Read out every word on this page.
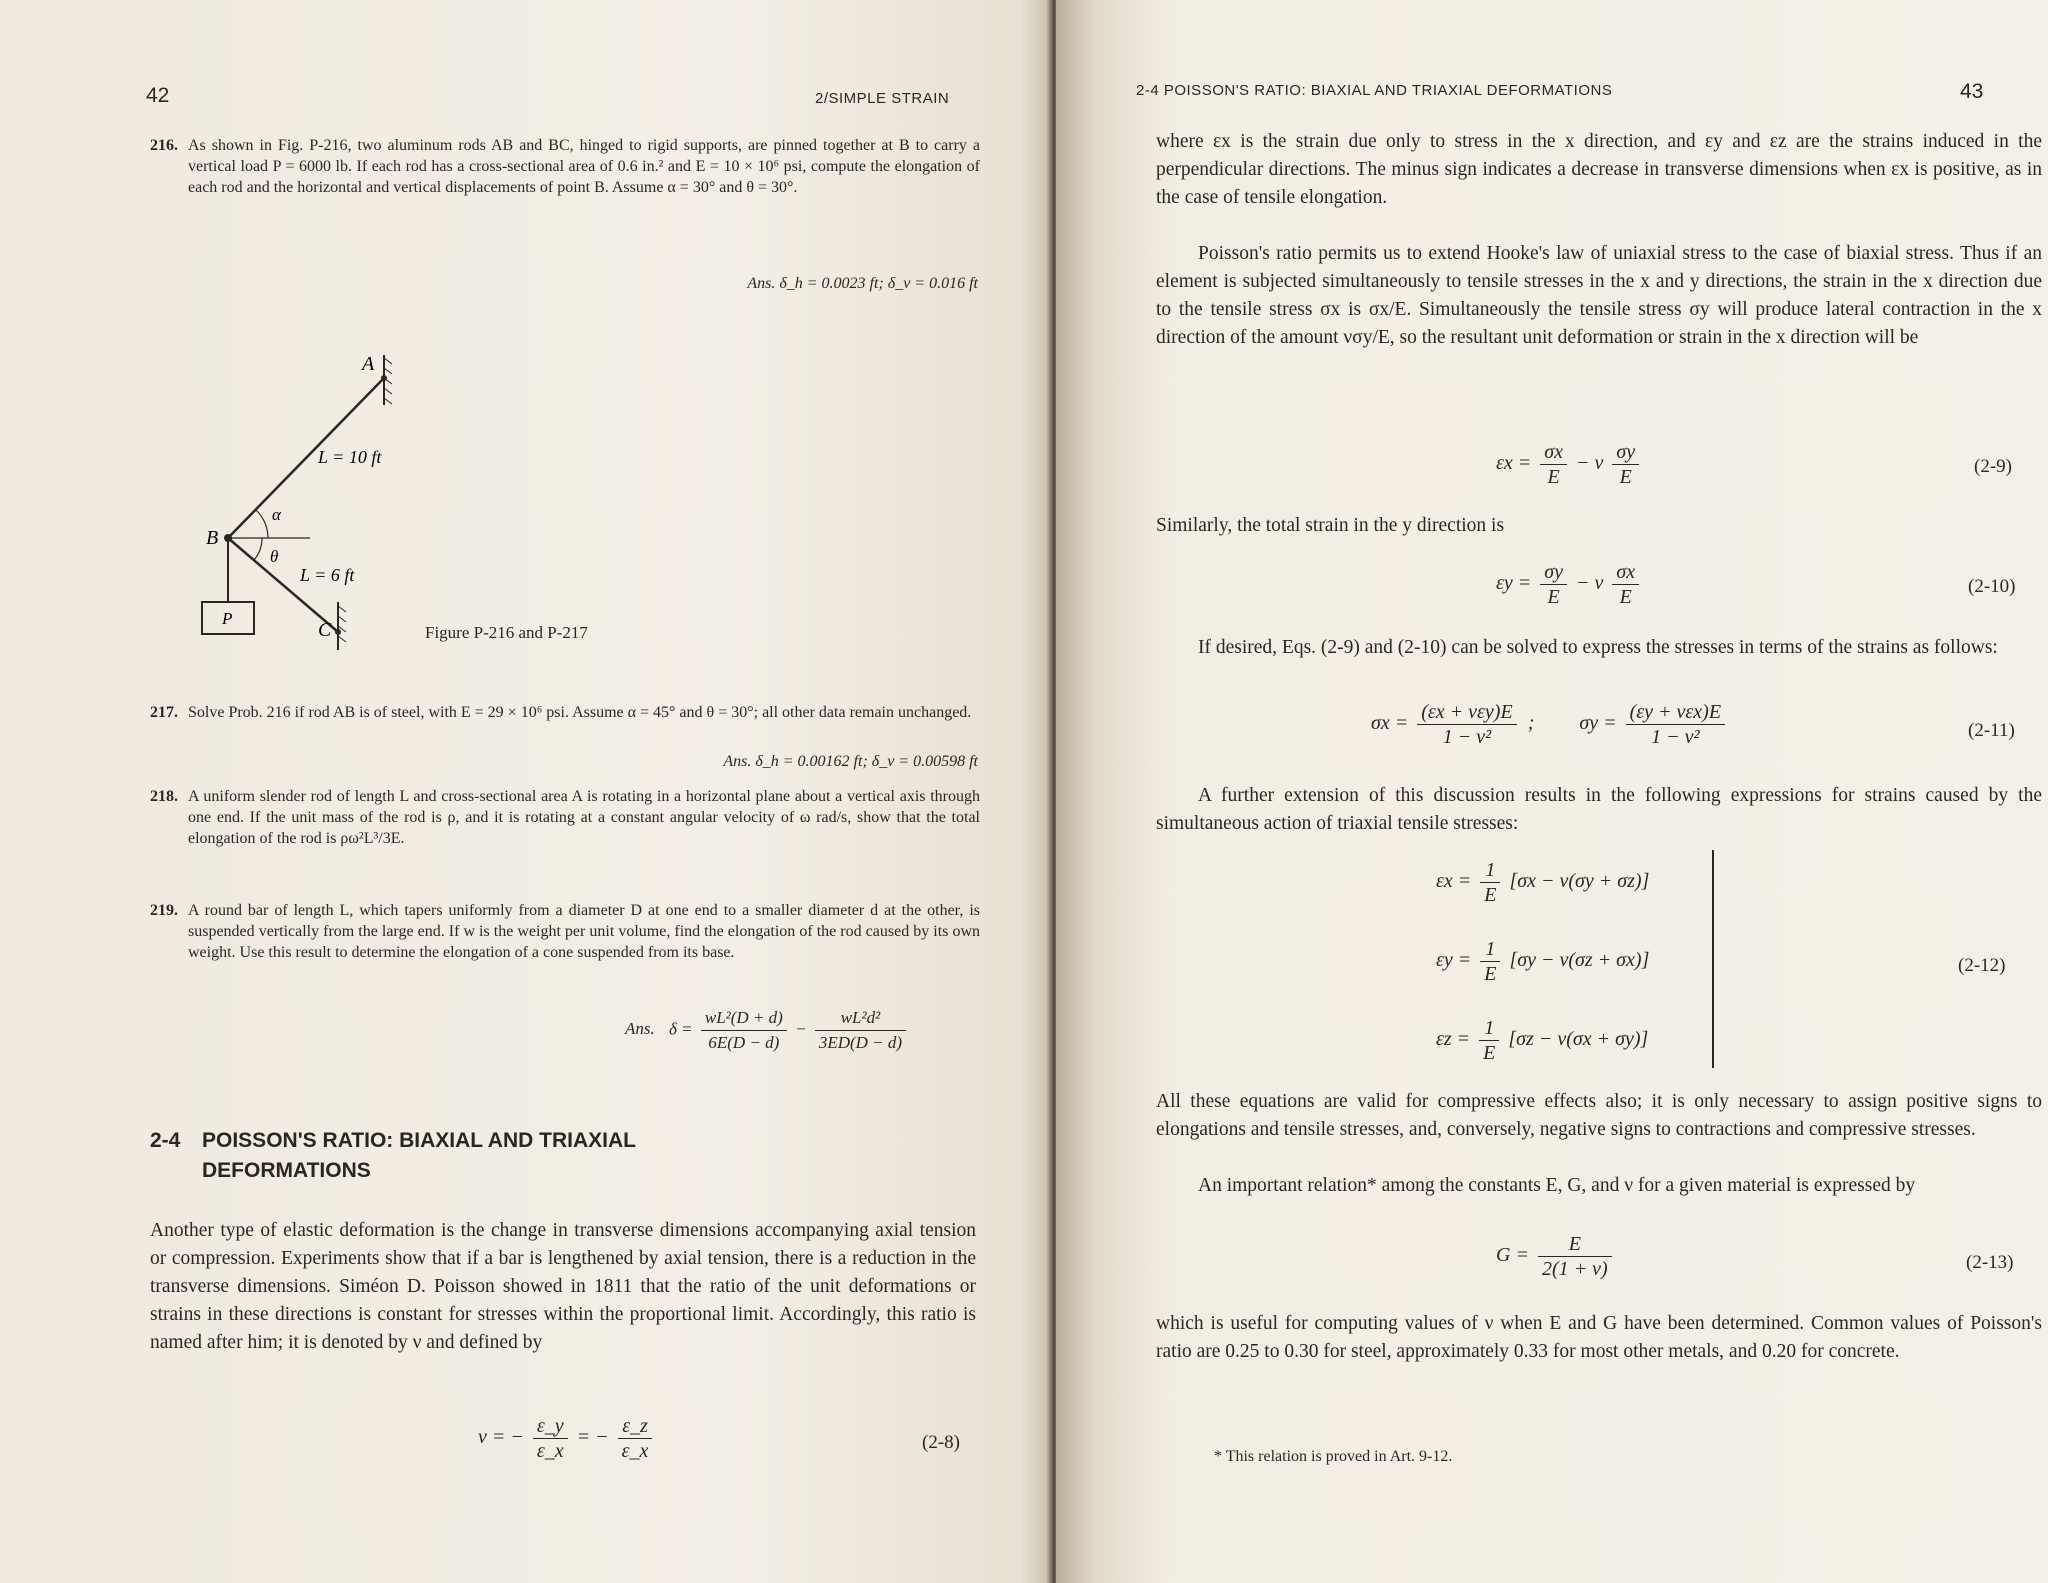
42	2/SIMPLE STRAIN
216. As shown in Fig. P-216, two aluminum rods AB and BC, hinged to rigid supports, are pinned together at B to carry a vertical load P = 6000 lb. If each rod has a cross-sectional area of 0.6 in.² and E = 10 × 10⁶ psi, compute the elongation of each rod and the horizontal and vertical displacements of point B. Assume α = 30° and θ = 30°.
Ans. δ_h = 0.0023 ft; δ_v = 0.016 ft
A
B
C
P
L = 10 ft
L = 6 ft
α
θ
Figure P-216 and P-217
217. Solve Prob. 216 if rod AB is of steel, with E = 29 × 10⁶ psi. Assume α = 45° and θ = 30°; all other data remain unchanged.
Ans. δ_h = 0.00162 ft; δ_v = 0.00598 ft
218. A uniform slender rod of length L and cross-sectional area A is rotating in a horizontal plane about a vertical axis through one end. If the unit mass of the rod is ρ, and it is rotating at a constant angular velocity of ω rad/s, show that the total elongation of the rod is ρω²L³/3E.
219. A round bar of length L, which tapers uniformly from a diameter D at one end to a smaller diameter d at the other, is suspended vertically from the large end. If w is the weight per unit volume, find the elongation of the rod caused by its own weight. Use this result to determine the elongation of a cone suspended from its base.
Ans. $\delta = \frac{\text{wL²(D + d)}}{6E(D - d)} - \frac{\text{wL²d²}}{3ED(D - d)}$
2-4 POISSON'S RATIO: BIAXIAL AND TRIAXIAL DEFORMATIONS
Another type of elastic deformation is the change in transverse dimensions accompanying axial tension or compression. Experiments show that if a bar is lengthened by axial tension, there is a reduction in the transverse dimensions. Siméon D. Poisson showed in 1811 that the ratio of the unit deformations or strains in these directions is constant for stresses within the proportional limit. Accordingly, this ratio is named after him; it is denoted by ν and defined by
ν = − $\frac{\varepsilon\_y}{\varepsilon\_x}$ = − $\frac{\varepsilon\_z}{\varepsilon\_x}$	(2-8)
2-4 POISSON'S RATIO: BIAXIAL AND TRIAXIAL DEFORMATIONS	43
where εx is the strain due only to stress in the x direction, and εy and εz are the strains induced in the perpendicular directions. The minus sign indicates a decrease in transverse dimensions when εx is positive, as in the case of tensile elongation.
Poisson's ratio permits us to extend Hooke's law of uniaxial stress to the case of biaxial stress. Thus if an element is subjected simultaneously to tensile stresses in the x and y directions, the strain in the x direction due to the tensile stress σx is σx/E. Simultaneously the tensile stress σy will produce lateral contraction in the x direction of the amount νσy/E, so the resultant unit deformation or strain in the x direction will be
$\varepsilon x = \frac{\sigma x}{E} - \nu \frac{\sigma y}{E}$	(2-9)
Similarly, the total strain in the y direction is
$\varepsilon y = \frac{\sigma y}{E} - \nu \frac{\sigma x}{E}$	(2-10)
If desired, Eqs. (2-9) and (2-10) can be solved to express the stresses in terms of the strains as follows:
$\sigma x = \frac{\text{(εx + νεy)E}}{\text{1 − ν²}}$ ; $\sigma y = \frac{\text{(εy + νεx)E}}{\text{1 − ν²}}$	(2-11)
A further extension of this discussion results in the following expressions for strains caused by the simultaneous action of triaxial tensile stresses:
$\varepsilon x = \frac{1}{E} [\sigma x - \nu(\sigma y + \sigma z)]$
$\varepsilon y = \frac{1}{E} [\sigma y - \nu(\sigma z + \sigma x)]$
$\varepsilon z = \frac{1}{E} [\sigma z - \nu(\sigma x + \sigma y)]$
(2-12)
All these equations are valid for compressive effects also; it is only necessary to assign positive signs to elongations and tensile stresses, and, conversely, negative signs to contractions and compressive stresses.
An important relation* among the constants E, G, and ν for a given material is expressed by
$G = \frac{E}{2(1 + \nu)}$	(2-13)
which is useful for computing values of ν when E and G have been determined. Common values of Poisson's ratio are 0.25 to 0.30 for steel, approximately 0.33 for most other metals, and 0.20 for concrete.
* This relation is proved in Art. 9-12.
